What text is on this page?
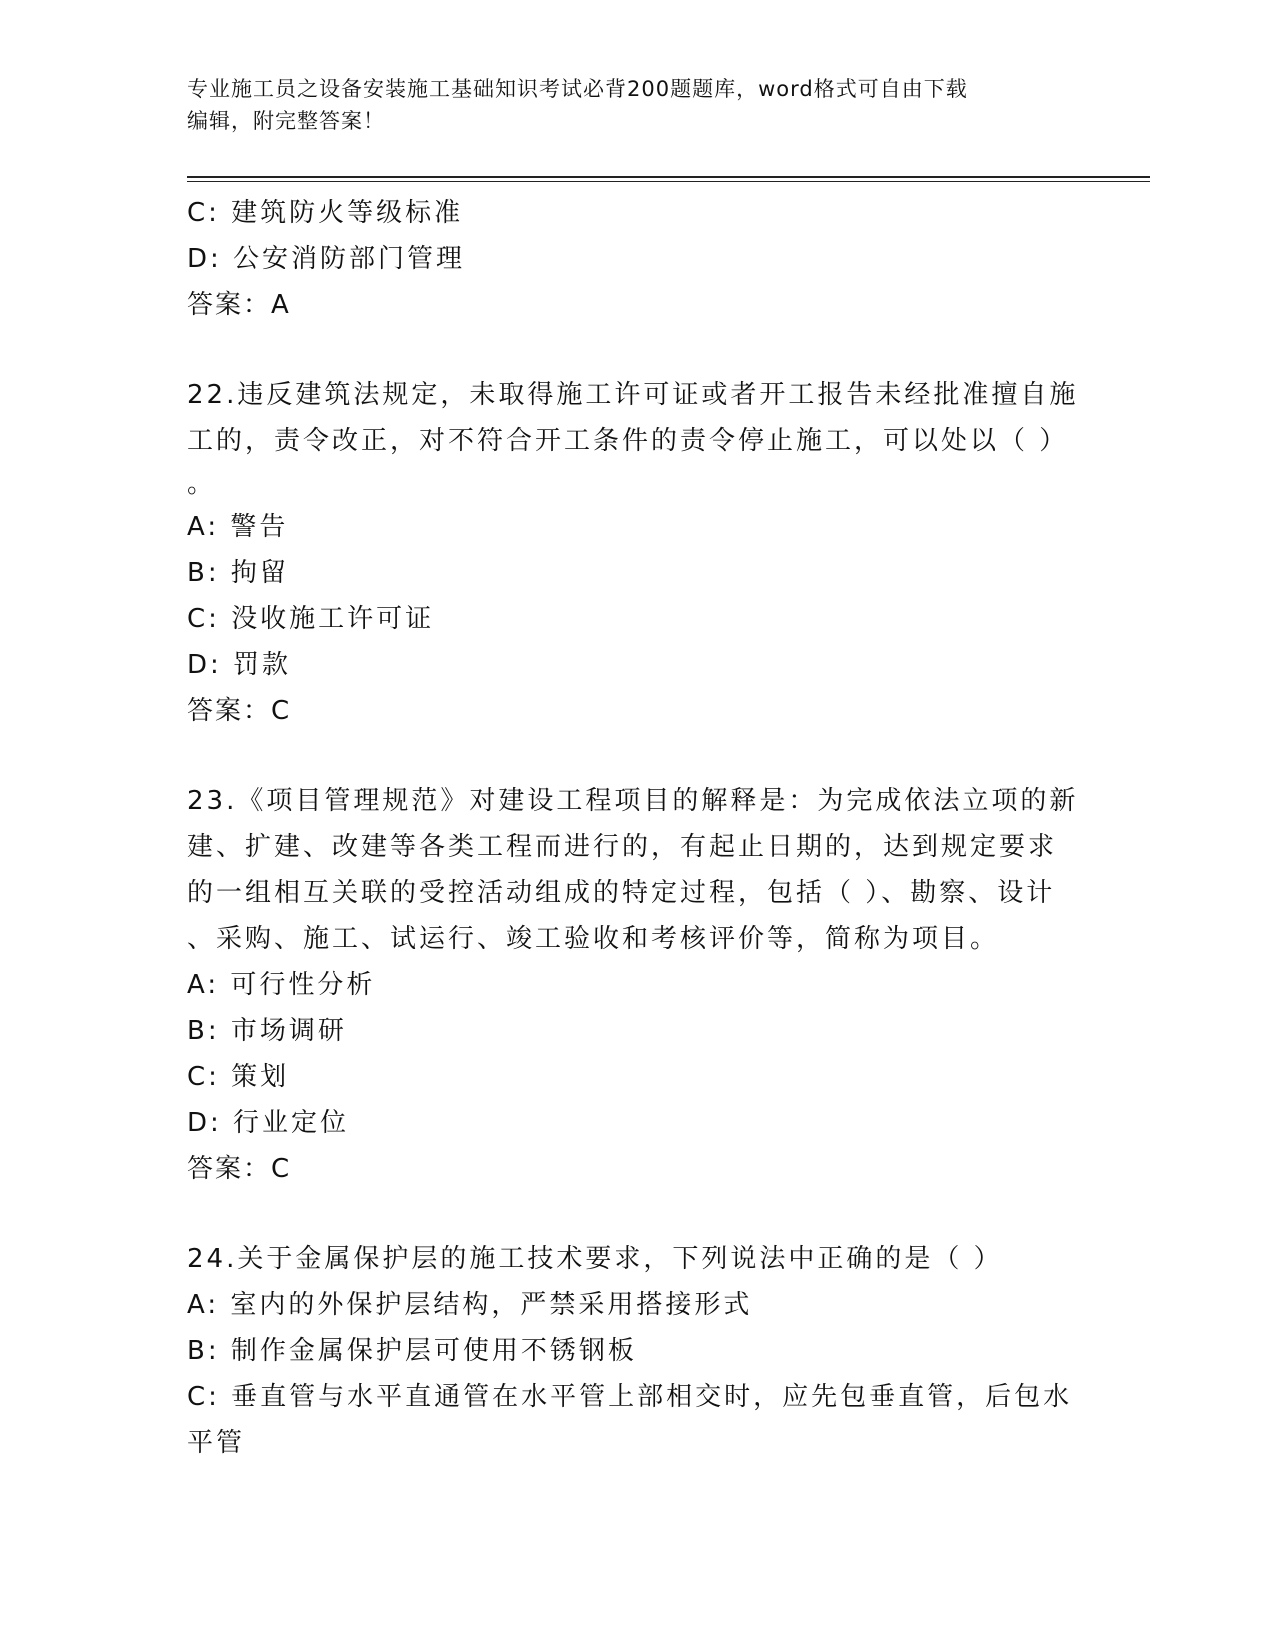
专业施工员之设备安装施工基础知识考试必背200题题库，word格式可自由下载
编辑，附完整答案！
C: 建筑防火等级标准
D: 公安消防部门管理
答案：A
22.违反建筑法规定，未取得施工许可证或者开工报告未经批准擅自施
工的，责令改正，对不符合开工条件的责令停止施工，可以处以（ ）
。
A: 警告
B: 拘留
C: 没收施工许可证
D: 罚款
答案：C
23.《项目管理规范》对建设工程项目的解释是：为完成依法立项的新
建、扩建、改建等各类工程而进行的，有起止日期的，达到规定要求
的一组相互关联的受控活动组成的特定过程，包括（ ）、勘察、设计
、采购、施工、试运行、竣工验收和考核评价等，简称为项目。
A: 可行性分析
B: 市场调研
C: 策划
D: 行业定位
答案：C
24.关于金属保护层的施工技术要求，下列说法中正确的是（ ）
A: 室内的外保护层结构，严禁采用搭接形式
B: 制作金属保护层可使用不锈钢板
C: 垂直管与水平直通管在水平管上部相交时，应先包垂直管，后包水
平管
